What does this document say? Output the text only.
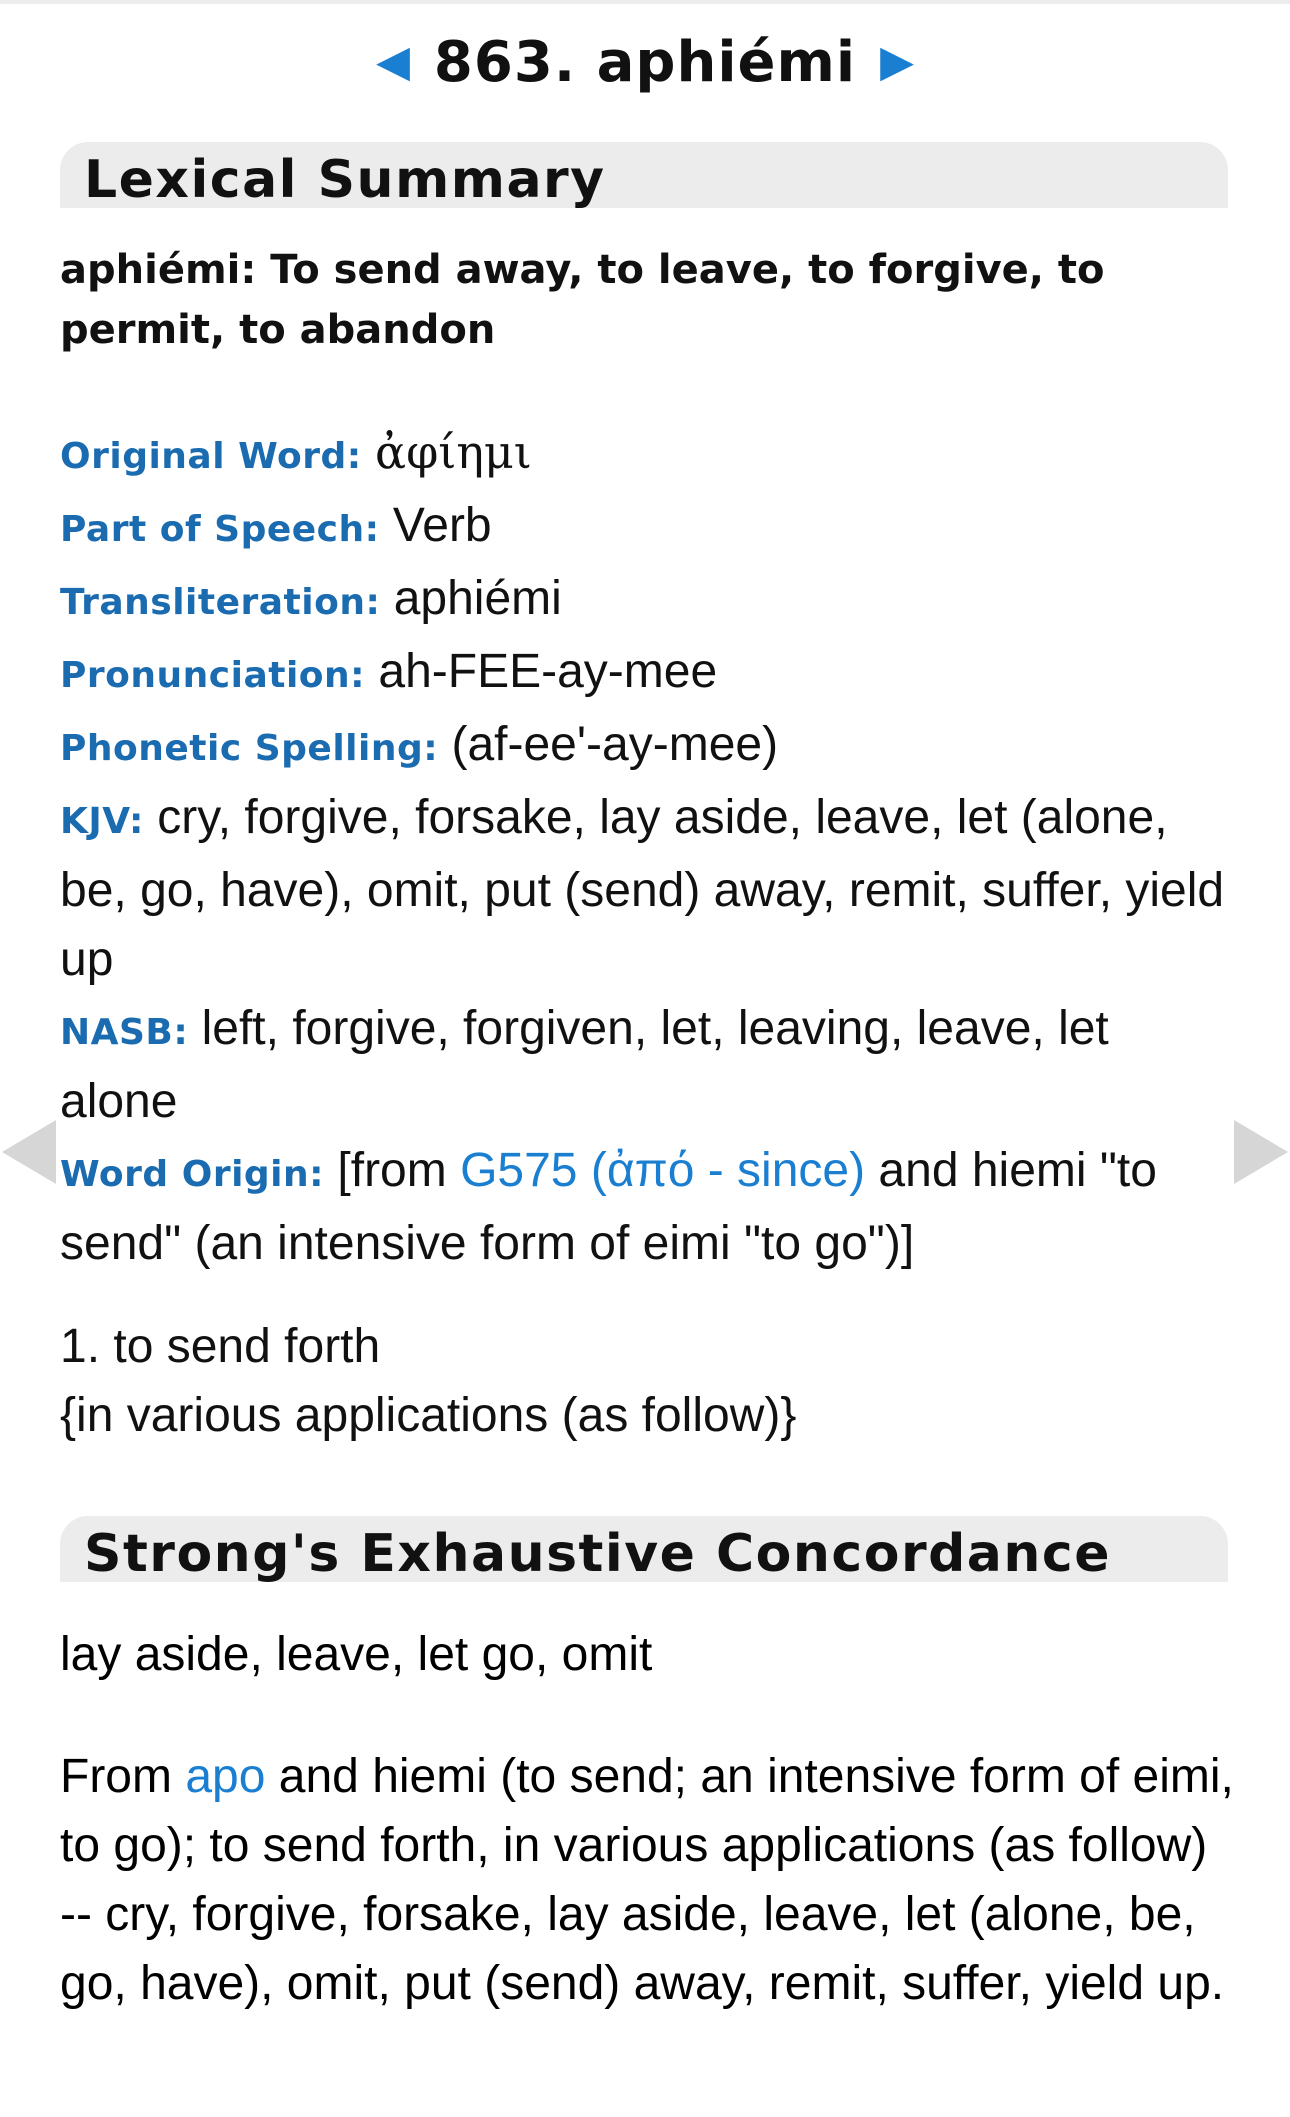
◀ 863. aphiémi ▶
Lexical Summary
aphiémi: To send away, to leave, to forgive, to permit, to abandon
Original Word: ἀφίημι
Part of Speech: Verb
Transliteration: aphiémi
Pronunciation: ah-FEE-ay-mee
Phonetic Spelling: (af-ee'-ay-mee)
KJV: cry, forgive, forsake, lay aside, leave, let (alone, be, go, have), omit, put (send) away, remit, suffer, yield up
NASB: left, forgive, forgiven, let, leaving, leave, let alone
Word Origin: [from G575 (ἀπό - since) and hiemi "to send" (an intensive form of eimi "to go")]
1. to send forth
{in various applications (as follow)}
Strong's Exhaustive Concordance
lay aside, leave, let go, omit
From apo and hiemi (to send; an intensive form of eimi, to go); to send forth, in various applications (as follow) -- cry, forgive, forsake, lay aside, leave, let (alone, be, go, have), omit, put (send) away, remit, suffer, yield up.
